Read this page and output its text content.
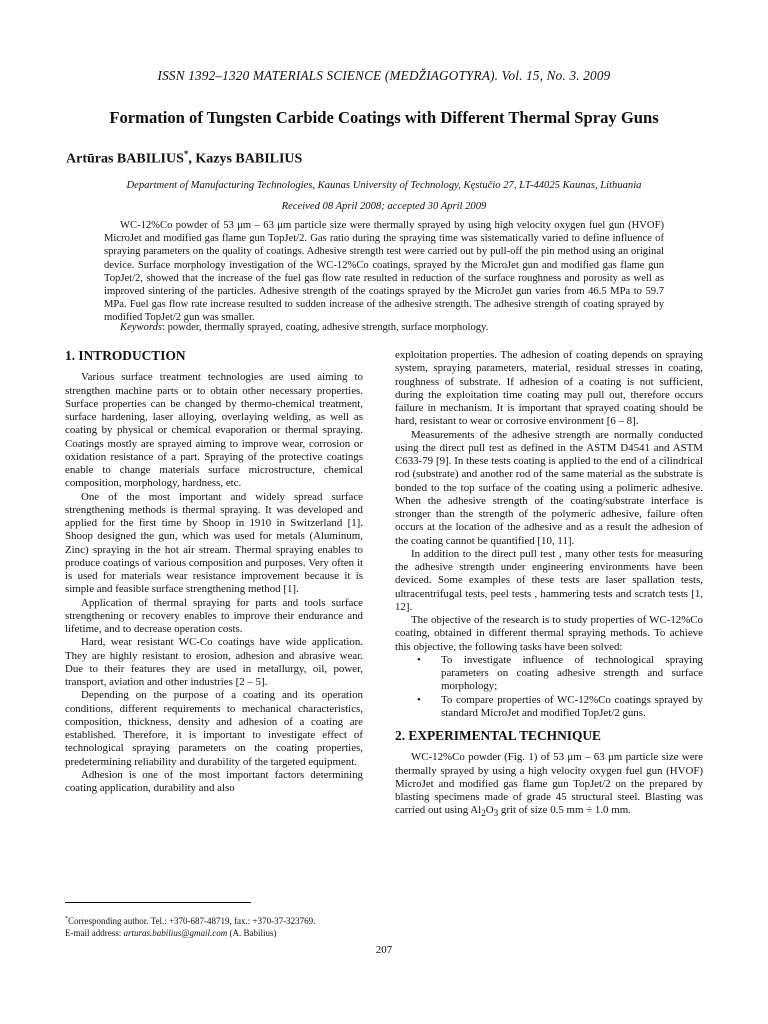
ISSN 1392–1320 MATERIALS SCIENCE (MEDŽIAGOTYRA). Vol. 15, No. 3. 2009
Formation of Tungsten Carbide Coatings with Different Thermal Spray Guns
Artūras BABILIUS*, Kazys BABILIUS
Department of Manufacturing Technologies, Kaunas University of Technology, Kęstučio 27, LT-44025 Kaunas, Lithuania
Received 08 April 2008; accepted 30 April 2009
WC-12%Co powder of 53 μm – 63 μm particle size were thermally sprayed by using high velocity oxygen fuel gun (HVOF) MicroJet and modified gas flame gun TopJet/2. Gas ratio during the spraying time was sistematically varied to define influence of spraying parameters on the quality of coatings. Adhesive strength test were carried out by pull-off the pin method using an original device. Surface morphology investigation of the WC-12%Co coatings, sprayed by the MicroJet gun and modified gas flame gun TopJet/2, showed that the increase of the fuel gas flow rate resulted in reduction of the surface roughness and porosity as well as improved sintering of the particles. Adhesive strength of the coatings sprayed by the MicroJet gun varies from 46.5 MPa to 59.7 MPa. Fuel gas flow rate increase resulted to sudden increase of the adhesive strength. The adhesive strength of coating sprayed by modified TopJet/2 gun was smaller.
Keywords: powder, thermally sprayed, coating, adhesive strength, surface morphology.
1. INTRODUCTION

Various surface treatment technologies are used aiming to strengthen machine parts or to obtain other necessary properties. Surface properties can be changed by thermo-chemical treatment, surface hardening, laser alloying, overlaying welding, as well as coating by physical or chemical evaporation or thermal spraying. Coatings mostly are sprayed aiming to improve wear, corrosion or oxidation resistance of a part. Spraying of the protective coatings enable to change materials surface microstructure, chemical composition, morphology, hardness, etc.

One of the most important and widely spread surface strengthening methods is thermal spraying. It was developed and applied for the first time by Shoop in 1910 in Switzerland [1]. Shoop designed the gun, which was used for metals (Aluminum, Zinc) spraying in the hot air stream. Thermal spraying enables to produce coatings of various composition and purposes. Very often it is used for materials wear resistance improvement because it is simple and feasible surface strengthening method [1].

Application of thermal spraying for parts and tools surface strengthening or recovery enables to improve their endurance and lifetime, and to decrease operation costs.

Hard, wear resistant WC-Co coatings have wide application. They are highly resistant to erosion, adhesion and abrasive wear. Due to their features they are used in metallurgy, oil, power, transport, aviation and other industries [2 – 5].

Depending on the purpose of a coating and its operation conditions, different requirements to mechanical characteristics, composition, thickness, density and adhesion of a coating are established. Therefore, it is important to investigate effect of technological spraying parameters on the coating properties, predetermining reliability and durability of the targeted equipment.

Adhesion is one of the most important factors determining coating application, durability and also

exploitation properties. The adhesion of coating depends on spraying system, spraying parameters, material, residual stresses in coating, roughness of substrate. If adhesion of a coating is not sufficient, during the exploitation time coating may pull out, therefore occurs failure in mechanism. It is important that sprayed coating should be hard, resistant to wear or corrosive environment [6 – 8].

Measurements of the adhesive strength are normally conducted using the direct pull test as defined in the ASTM D4541 and ASTM C633-79 [9]. In these tests coating is applied to the end of a cilindrical rod (substrate) and another rod of the same material as the substrate is bonded to the top surface of the coating using a polimeric adhesive. When the adhesive strength of the coating/substrate interface is stronger than the strength of the polymeric adhesive, failure often occurs at the location of the adhesive and as a result the adhesion of the coating cannot be quantified [10, 11].

In addition to the direct pull test , many other tests for measuring the adhesive strength under engineering environments have been deviced. Some examples of these tests are laser spallation tests, ultracentrifugal tests, peel tests , hammering tests and scratch tests [1, 12].

The objective of the research is to study properties of WC-12%Co coating, obtained in different thermal spraying methods. To achieve this objective, the following tasks have been solved:

• To investigate influence of technological spraying parameters on coating adhesive strength and surface morphology;
• To compare properties of WC-12%Co coatings sprayed by standard MicroJet and modified TopJet/2 guns.
2. EXPERIMENTAL TECHNIQUE

WC-12%Co powder (Fig. 1) of 53 μm – 63 μm particle size were thermally sprayed by using a high velocity oxygen fuel gun (HVOF) MicroJet and modified gas flame gun TopJet/2 on the prepared by blasting specimens made of grade 45 structural steel. Blasting was carried out using $Al_2O_3$ grit of size 0.5 mm ÷ 1.0 mm.

*Corresponding author. Tel.: +370-687-48719, fax.: +370-37-323769.
E-mail address: arturas.babilius@gmail.com (A. Babilius)
207
